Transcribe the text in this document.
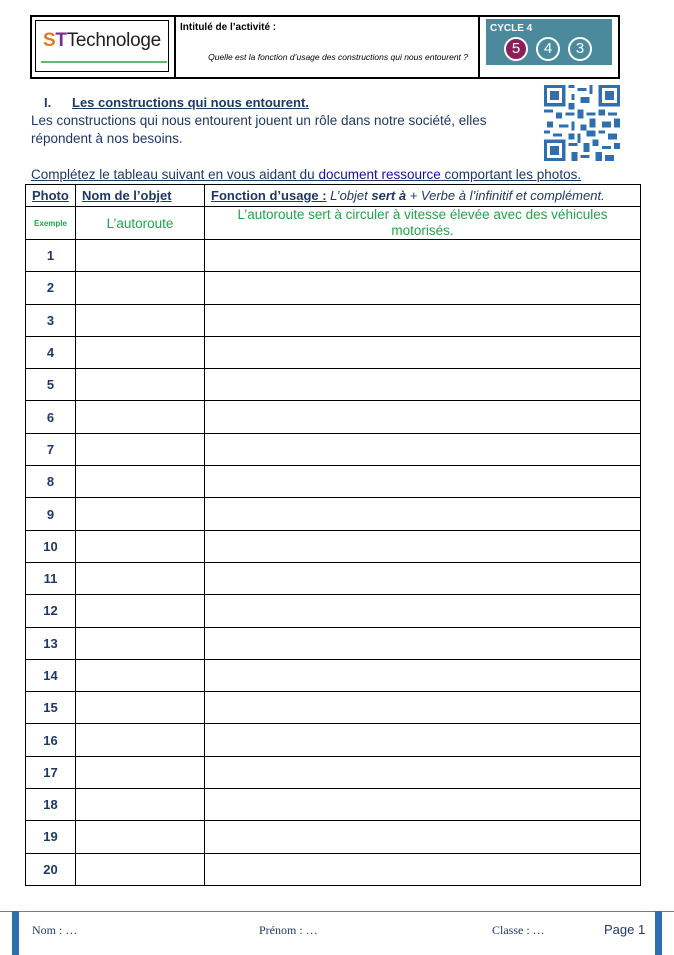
STTechnologe
Intitulé de l’activité :
Quelle est la fonction d’usage des constructions qui nous entourent ?
CYCLE 4
5	4	3
I. Les constructions qui nous entourent.
Les constructions qui nous entourent jouent un rôle dans notre société, elles répondent à nos besoins.
Complétez le tableau suivant en vous aidant du document ressource comportant les photos.
Photo	Nom de l’objet	Fonction d’usage : L’objet sert à + Verbe à l’infinitif et complément.
Exemple	L’autoroute	L’autoroute sert à circuler à vitesse élevée avec des véhicules motorisés.
1		
2		
3		
4		
5		
6		
7		
8		
9		
10		
11		
12		
13		
14		
15		
16		
17		
18		
19		
20		
Nom : …	Prénom : …	Classe : …	Page 1
